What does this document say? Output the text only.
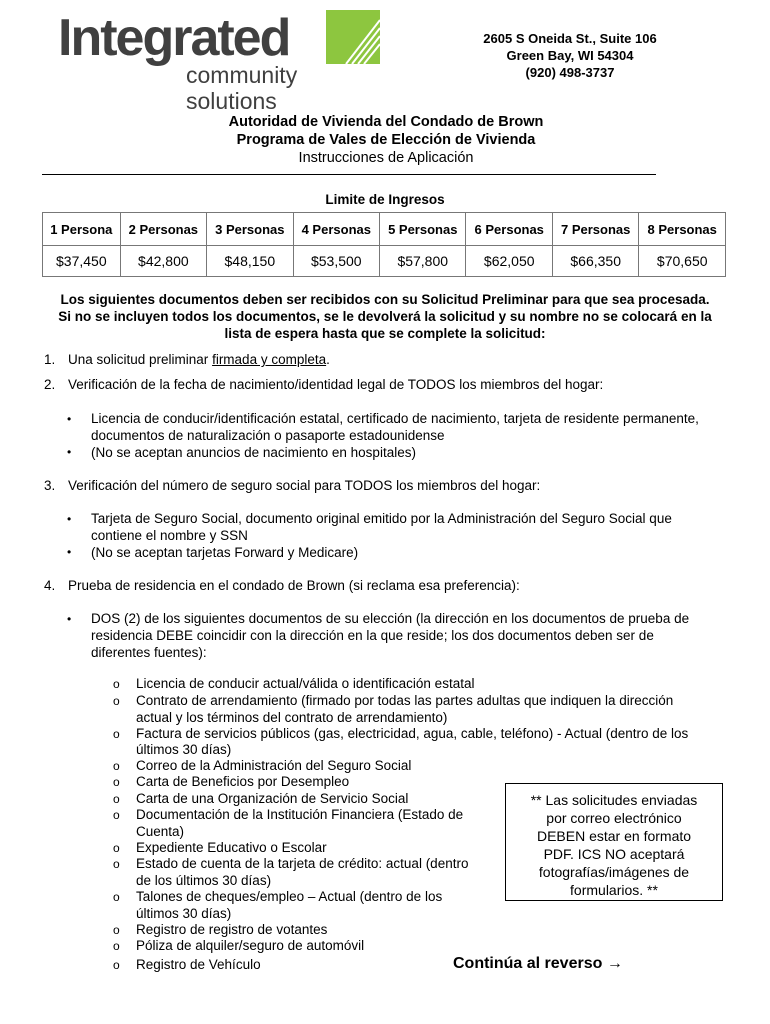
Integrated
community solutions
2605 S Oneida St., Suite 106
Green Bay, WI 54304
(920) 498-3737
Autoridad de Vivienda del Condado de Brown
Programa de Vales de Elección de Vivienda
Instrucciones de Aplicación
Limite de Ingresos
1 Persona	2 Personas	3 Personas	4 Personas	5 Personas	6 Personas	7 Personas	8 Personas
$37,450	$42,800	$48,150	$53,500	$57,800	$62,050	$66,350	$70,650
Los siguientes documentos deben ser recibidos con su Solicitud Preliminar para que sea procesada.
Si no se incluyen todos los documentos, se le devolverá la solicitud y su nombre no se colocará en la
lista de espera hasta que se complete la solicitud:
1. Una solicitud preliminar firmada y completa.
2. Verificación de la fecha de nacimiento/identidad legal de TODOS los miembros del hogar:
• Licencia de conducir/identificación estatal, certificado de nacimiento, tarjeta de residente permanente,
documentos de naturalización o pasaporte estadounidense
• (No se aceptan anuncios de nacimiento en hospitales)
3. Verificación del número de seguro social para TODOS los miembros del hogar:
• Tarjeta de Seguro Social, documento original emitido por la Administración del Seguro Social que
contiene el nombre y SSN
• (No se aceptan tarjetas Forward y Medicare)
4. Prueba de residencia en el condado de Brown (si reclama esa preferencia):
• DOS (2) de los siguientes documentos de su elección (la dirección en los documentos de prueba de
residencia DEBE coincidir con la dirección en la que reside; los dos documentos deben ser de
diferentes fuentes):
o Licencia de conducir actual/válida o identificación estatal
o Contrato de arrendamiento (firmado por todas las partes adultas que indiquen la dirección
actual y los términos del contrato de arrendamiento)
o Factura de servicios públicos (gas, electricidad, agua, cable, teléfono) - Actual (dentro de los
últimos 30 días)
o Correo de la Administración del Seguro Social
o Carta de Beneficios por Desempleo
o Carta de una Organización de Servicio Social
o Documentación de la Institución Financiera (Estado de
Cuenta)
o Expediente Educativo o Escolar
o Estado de cuenta de la tarjeta de crédito: actual (dentro
de los últimos 30 días)
o Talones de cheques/empleo – Actual (dentro de los
últimos 30 días)
o Registro de registro de votantes
o Póliza de alquiler/seguro de automóvil
o Registro de Vehículo
** Las solicitudes enviadas
por correo electrónico
DEBEN estar en formato
PDF. ICS NO aceptará
fotografías/imágenes de
formularios. **
Continúa al reverso →
